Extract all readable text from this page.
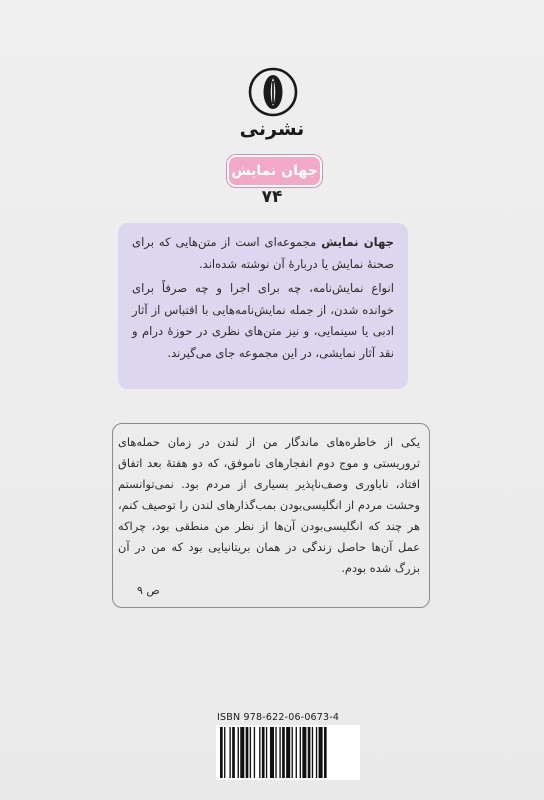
نشرنی
جهان نمایش
۷۴

جهان نمایش مجموعه‌ای است از متن‌هایی که برای صحنهٔ نمایش یا دربارهٔ آن نوشته شده‌اند.

انواع نمایش‌نامه، چه برای اجرا و چه صرفاً برای خوانده شدن، از جمله نمایش‌نامه‌هایی با اقتباس از آثار ادبی یا سینمایی، و نیز متن‌های نظری در حوزهٔ درام و نقد آثار نمایشی، در این مجموعه جای می‌گیرند.

یکی از خاطره‌های ماندگار من از لندن در زمان حمله‌های تروریستی و موج دوم انفجارهای ناموفق، که دو هفتهٔ بعد اتفاق افتاد، ناباوری وصف‌ناپذیر بسیاری از مردم بود. نمی‌توانستم وحشت مردم از انگلیسی‌بودن بمب‌گذارهای لندن را توصیف کنم، هر چند که انگلیسی‌بودن آن‌ها از نظر من منطقی بود، چراکه عمل آن‌ها حاصل زندگی در همان بریتانیایی بود که من در آن بزرگ شده بودم.
ص ۹
ISBN 978-622-06-0673-4
